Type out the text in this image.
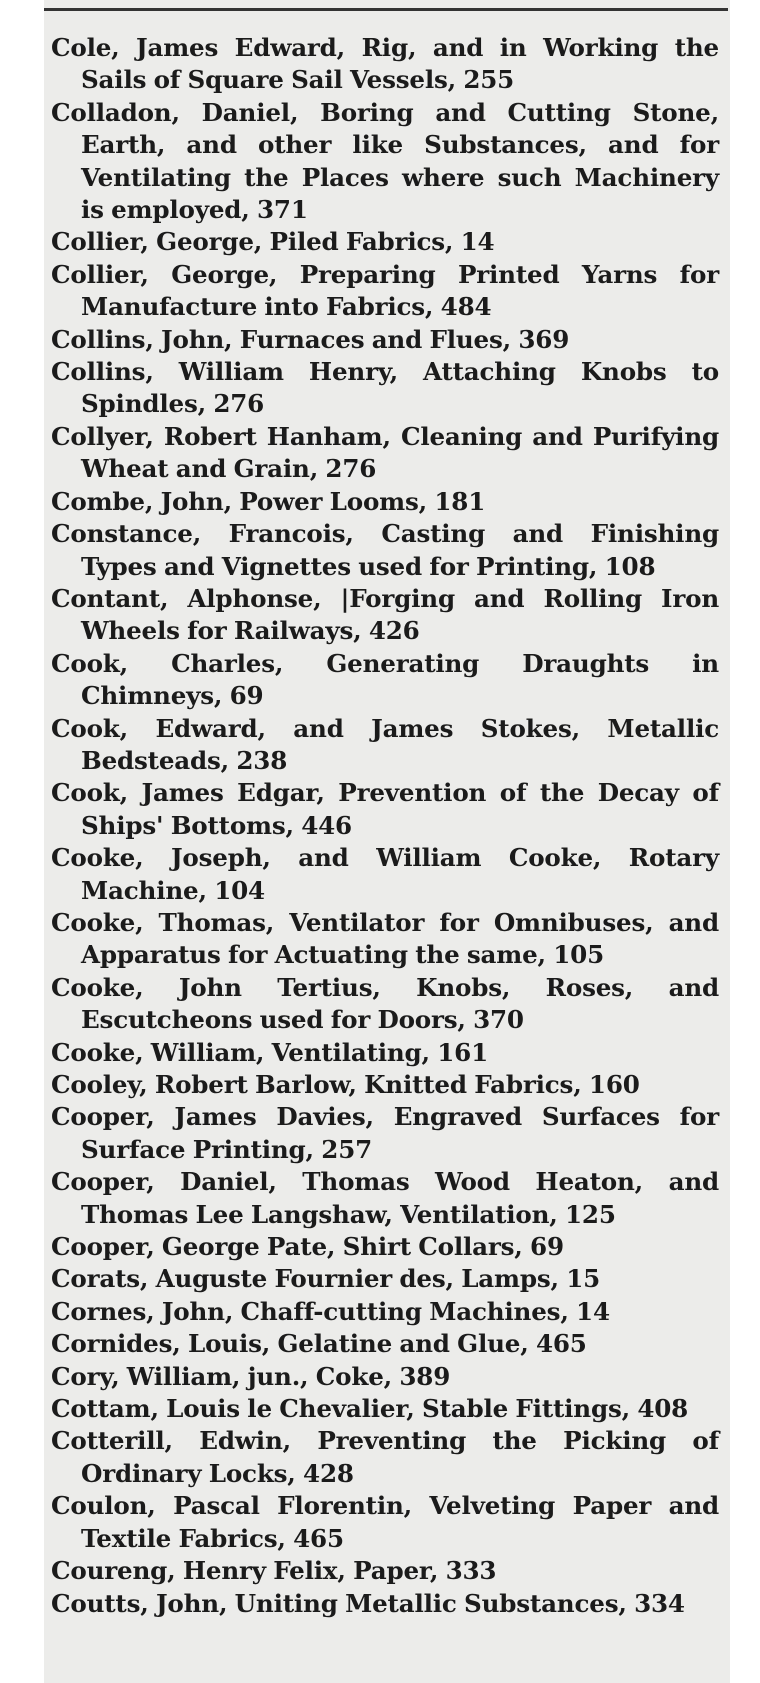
Cole, James Edward, Rig, and in Working the Sails of Square Sail Vessels, 255
Colladon, Daniel, Boring and Cutting Stone, Earth, and other like Substances, and for Ventilating the Places where such Machinery is employed, 371
Collier, George, Piled Fabrics, 14
Collier, George, Preparing Printed Yarns for Manufacture into Fabrics, 484
Collins, John, Furnaces and Flues, 369
Collins, William Henry, Attaching Knobs to Spindles, 276
Collyer, Robert Hanham, Cleaning and Purifying Wheat and Grain, 276
Combe, John, Power Looms, 181
Constance, Francois, Casting and Finishing Types and Vignettes used for Printing, 108
Contant, Alphonse, |Forging and Rolling Iron Wheels for Railways, 426
Cook, Charles, Generating Draughts in Chimneys, 69
Cook, Edward, and James Stokes, Metallic Bedsteads, 238
Cook, James Edgar, Prevention of the Decay of Ships' Bottoms, 446
Cooke, Joseph, and William Cooke, Rotary Machine, 104
Cooke, Thomas, Ventilator for Omnibuses, and Apparatus for Actuating the same, 105
Cooke, John Tertius, Knobs, Roses, and Escutcheons used for Doors, 370
Cooke, William, Ventilating, 161
Cooley, Robert Barlow, Knitted Fabrics, 160
Cooper, James Davies, Engraved Surfaces for Surface Printing, 257
Cooper, Daniel, Thomas Wood Heaton, and Thomas Lee Langshaw, Ventilation, 125
Cooper, George Pate, Shirt Collars, 69
Corats, Auguste Fournier des, Lamps, 15
Cornes, John, Chaff-cutting Machines, 14
Cornides, Louis, Gelatine and Glue, 465
Cory, William, jun., Coke, 389
Cottam, Louis le Chevalier, Stable Fittings, 408
Cotterill, Edwin, Preventing the Picking of Ordinary Locks, 428
Coulon, Pascal Florentin, Velveting Paper and Textile Fabrics, 465
Coureng, Henry Felix, Paper, 333
Coutts, John, Uniting Metallic Substances, 334
